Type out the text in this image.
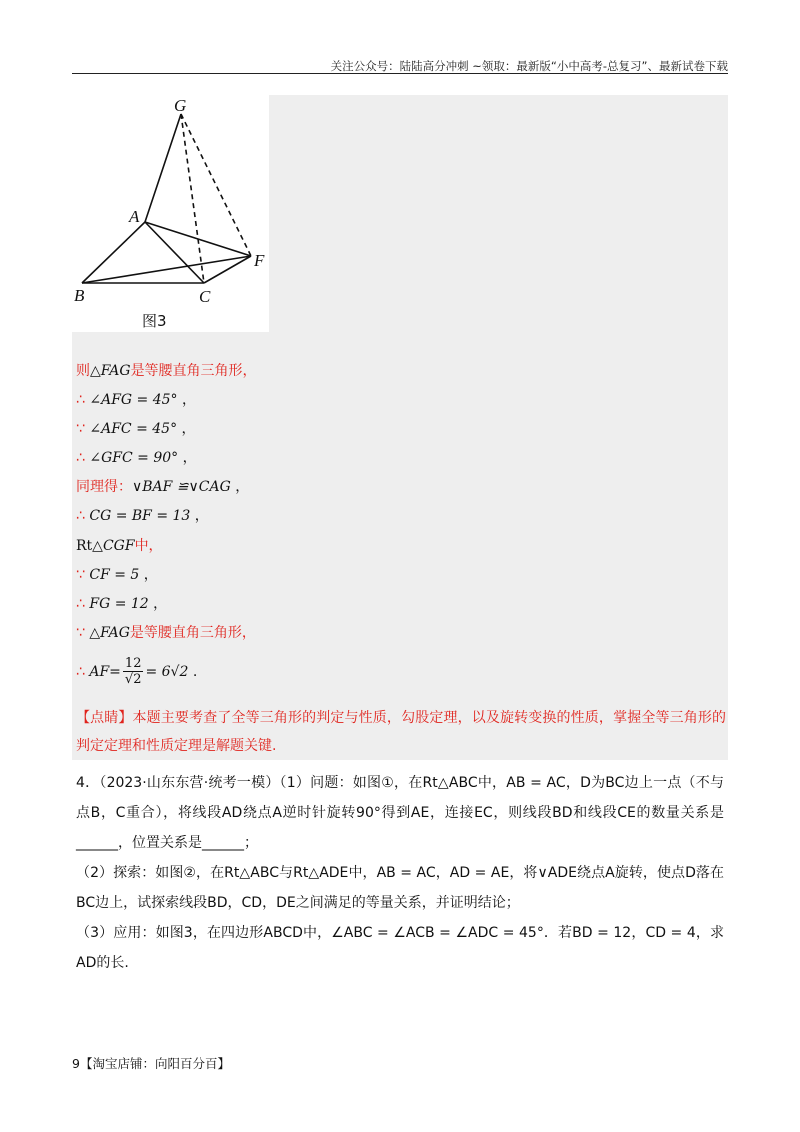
关注公众号：陆陆高分冲刺 ~领取：最新版“小中高考-总复习”、最新试卷下载
G
A
B	C
F
图3
则△FAG是等腰直角三角形，
∴ ∠AFG = 45° ，
∵ ∠AFC = 45° ，
∴ ∠GFC = 90° ，
同理得：∨BAF ≌∨CAG ，
∴ CG = BF = 13 ，
Rt△CGF中，
∵ CF = 5 ，
∴ FG = 12 ，
∵ △FAG是等腰直角三角形，
∴ $AF= \frac{12}{√2} = 6√2$ .
【点睛】本题主要考查了全等三角形的判定与性质，勾股定理，以及旋转变换的性质，掌握全等三角形的判定定理和性质定理是解题关键.
4．（2023·山东东营·统考一模）（1）问题：如图①，在Rt△ABC中，AB = AC，D为BC边上一点（不与点B，C重合），将线段AD绕点A逆时针旋转90°得到AE，连接EC，则线段BD和线段CE的数量关系是______，位置关系是______；
（2）探索：如图②，在Rt△ABC与Rt△ADE中，AB = AC，AD = AE，将∨ADE绕点A旋转，使点D落在BC边上，试探索线段BD，CD，DE之间满足的等量关系，并证明结论；
（3）应用：如图3，在四边形ABCD中，∠ABC = ∠ACB = ∠ADC = 45°．若BD = 12，CD = 4，求AD的长.
9【淘宝店铺：向阳百分百】
